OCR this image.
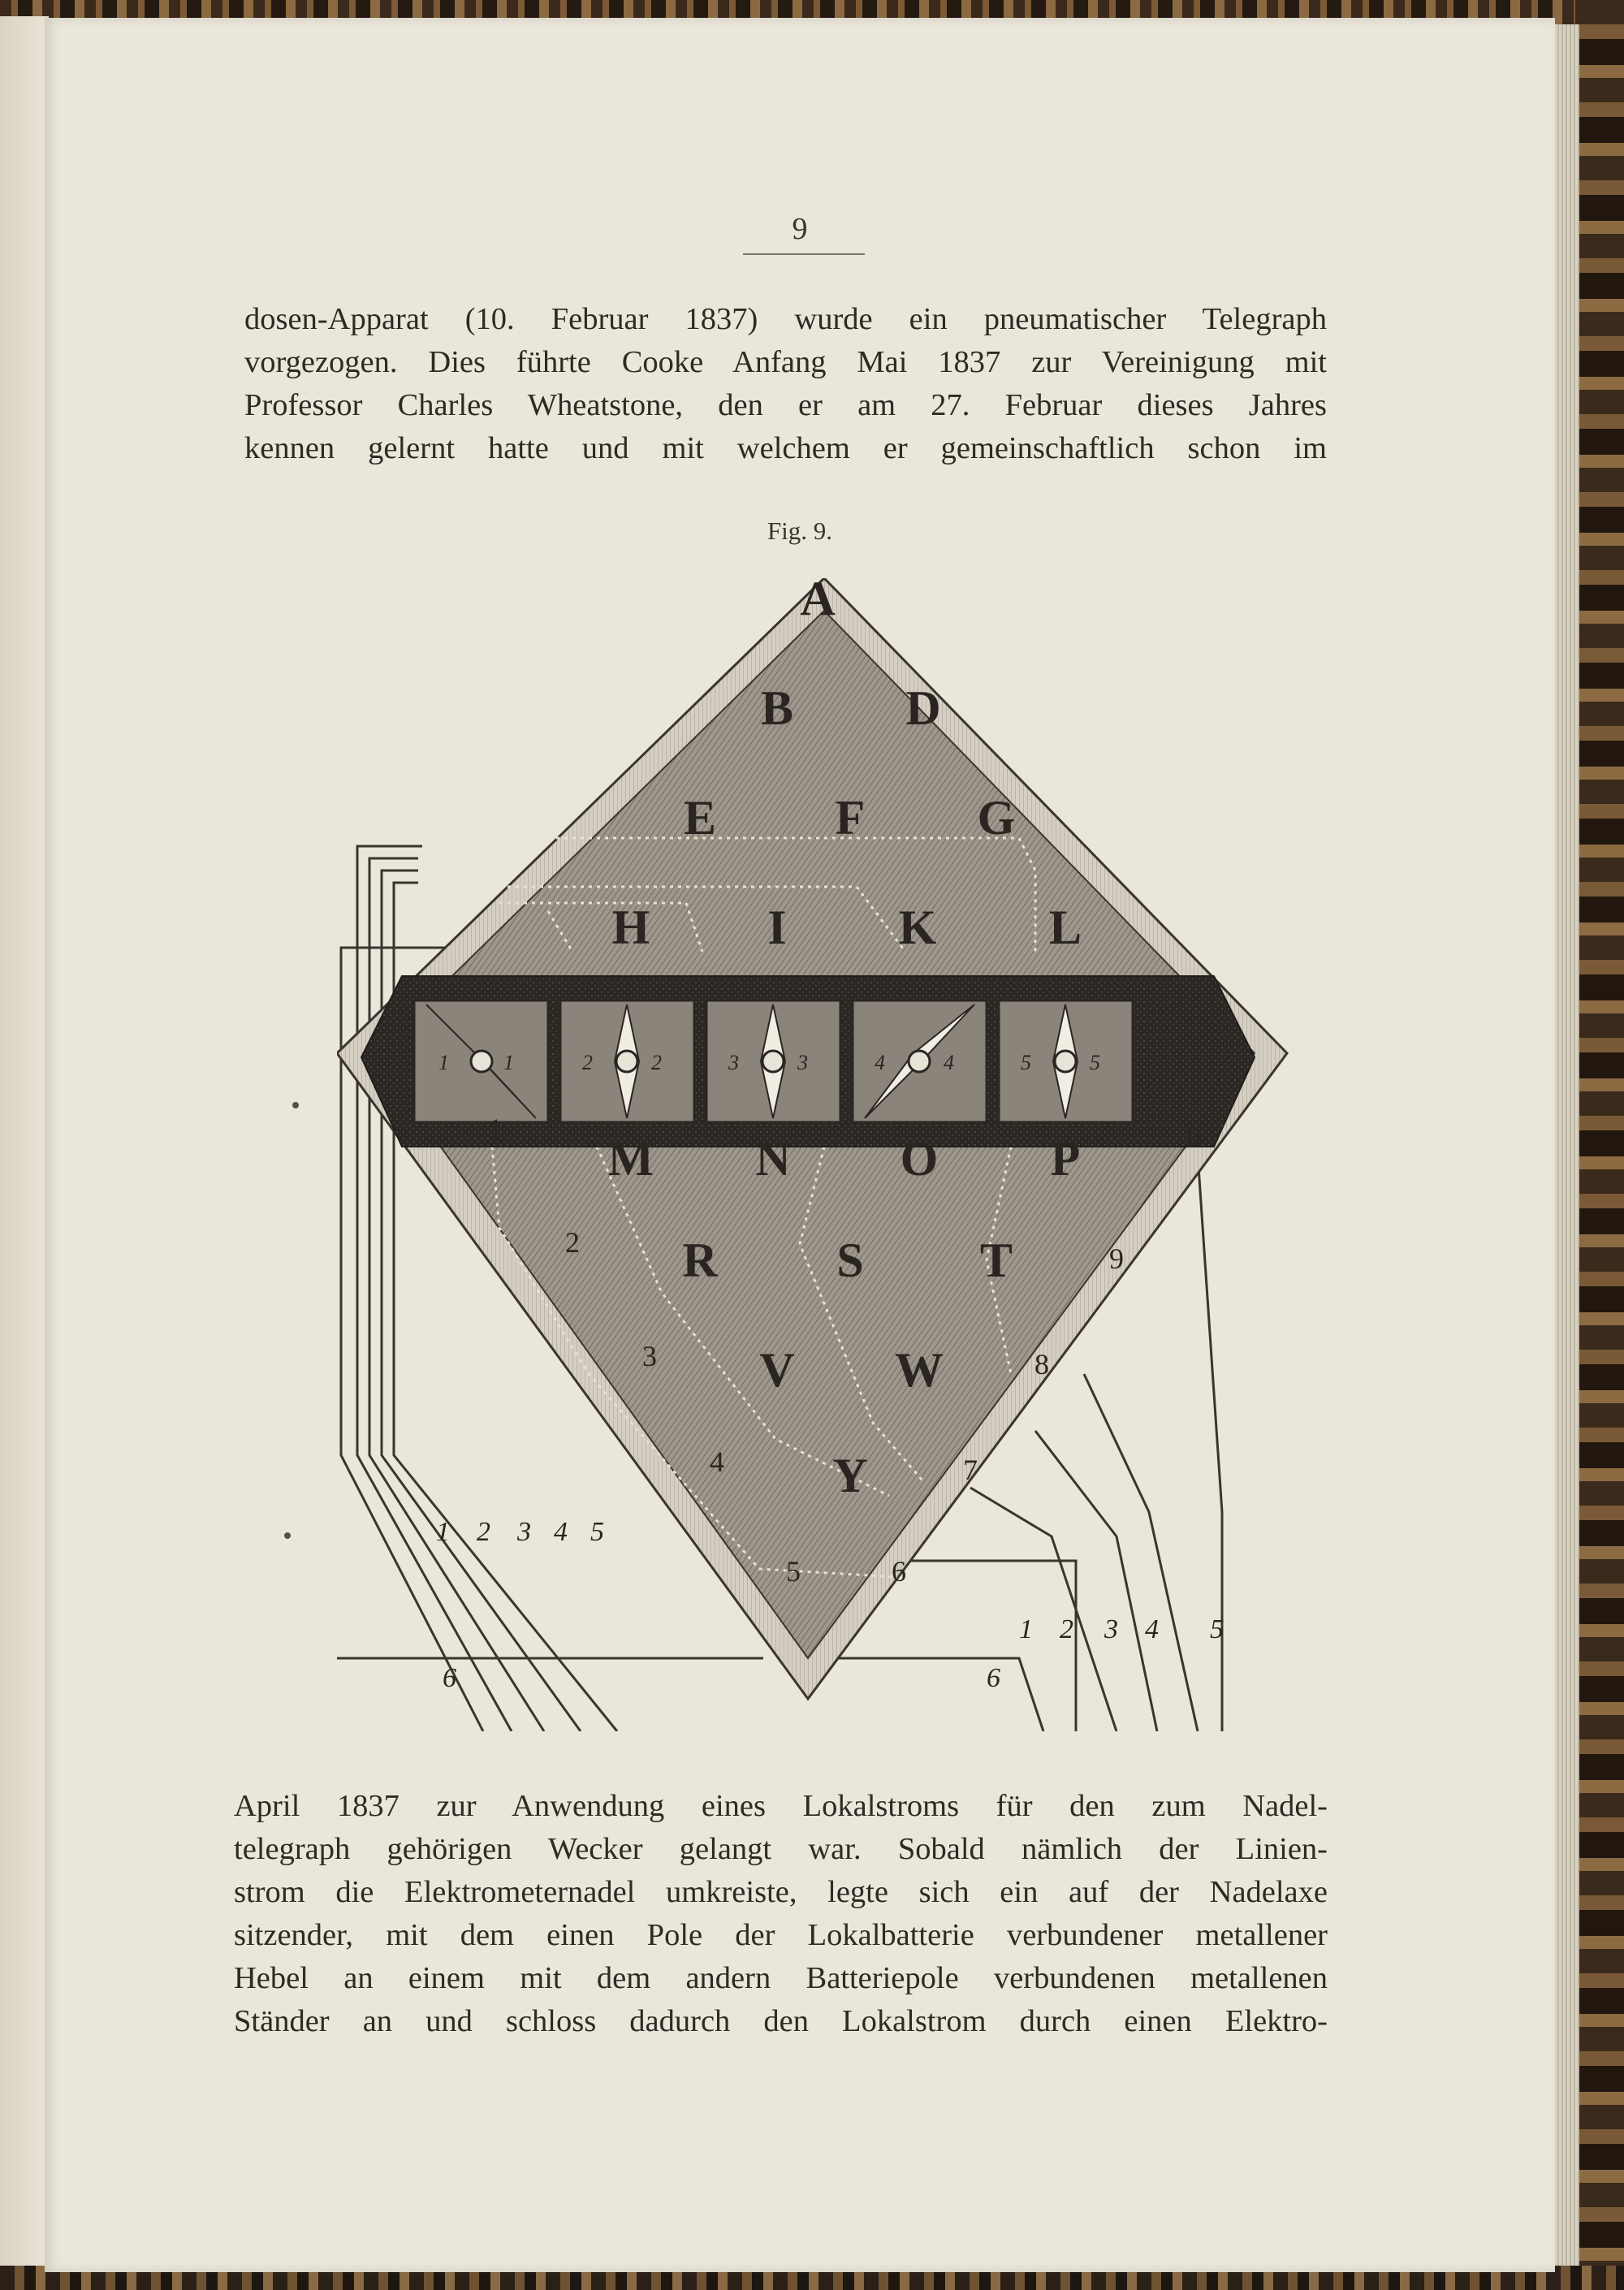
9
dosen-Apparat (10. Februar 1837) wurde ein pneumatischer Telegraph
vorgezogen. Dies führte Cooke Anfang Mai 1837 zur Vereinigung mit
Professor Charles Wheatstone, den er am 27. Februar dieses Jahres
kennen gelernt hatte und mit welchem er gemeinschaftlich schon im
Fig. 9.
1	1	2	2	3	3	4	4	5	5
A
B D
E F G
H I K L
M N O P
R S T
V W
Y
1
2
3
4
5	6
7
8
9
0
1 2 3 4 5
6
1 2 3 4 5
6
April 1837 zur Anwendung eines Lokalstroms für den zum Nadel-
telegraph gehörigen Wecker gelangt war. Sobald nämlich der Linien-
strom die Elektrometernadel umkreiste, legte sich ein auf der Nadelaxe
sitzender, mit dem einen Pole der Lokalbatterie verbundener metallener
Hebel an einem mit dem andern Batteriepole verbundenen metallenen
Ständer an und schloss dadurch den Lokalstrom durch einen Elektro-
